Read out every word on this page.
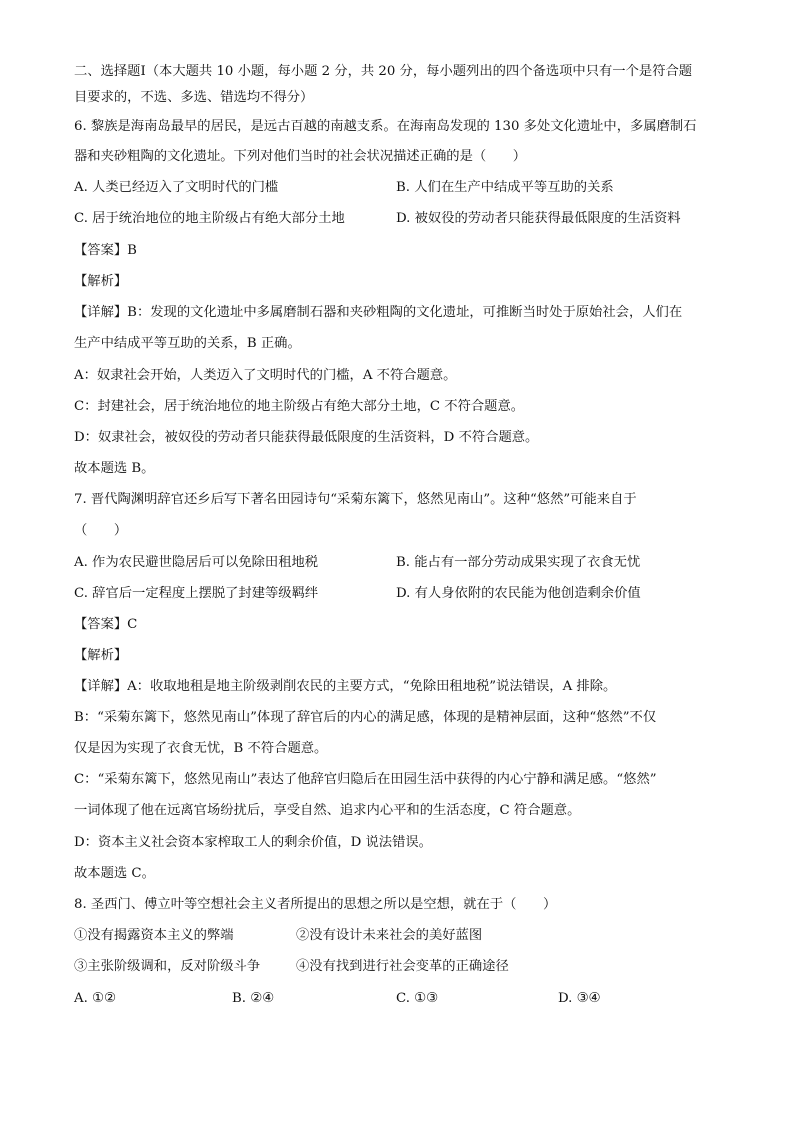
二、选择题Ⅰ（本大题共 10 小题，每小题 2 分，共 20 分，每小题列出的四个备选项中只有一个是符合题
目要求的，不选、多选、错选均不得分）
6. 黎族是海南岛最早的居民，是远古百越的南越支系。在海南岛发现的 130 多处文化遗址中，多属磨制石
器和夹砂粗陶的文化遗址。下列对他们当时的社会状况描述正确的是（　　）
A. 人类已经迈入了文明时代的门槛	B. 人们在生产中结成平等互助的关系
C. 居于统治地位的地主阶级占有绝大部分土地	D. 被奴役的劳动者只能获得最低限度的生活资料
【答案】B
【解析】
【详解】B：发现的文化遗址中多属磨制石器和夹砂粗陶的文化遗址，可推断当时处于原始社会，人们在
生产中结成平等互助的关系，B 正确。
A：奴隶社会开始，人类迈入了文明时代的门槛，A 不符合题意。
C：封建社会，居于统治地位的地主阶级占有绝大部分土地，C 不符合题意。
D：奴隶社会，被奴役的劳动者只能获得最低限度的生活资料，D 不符合题意。
故本题选 B。
7. 晋代陶渊明辞官还乡后写下著名田园诗句“采菊东篱下，悠然见南山”。这种“悠然”可能来自于
（　　）
A. 作为农民避世隐居后可以免除田租地税	B. 能占有一部分劳动成果实现了衣食无忧
C. 辞官后一定程度上摆脱了封建等级羁绊	D. 有人身依附的农民能为他创造剩余价值
【答案】C
【解析】
【详解】A：收取地租是地主阶级剥削农民的主要方式，“免除田租地税”说法错误，A 排除。
B：“采菊东篱下，悠然见南山”体现了辞官后的内心的满足感，体现的是精神层面，这种“悠然”不仅
仅是因为实现了衣食无忧，B 不符合题意。
C：“采菊东篱下，悠然见南山”表达了他辞官归隐后在田园生活中获得的内心宁静和满足感。“悠然”
一词体现了他在远离官场纷扰后，享受自然、追求内心平和的生活态度，C 符合题意。
D：资本主义社会资本家榨取工人的剩余价值，D 说法错误。
故本题选 C。
8. 圣西门、傅立叶等空想社会主义者所提出的思想之所以是空想，就在于（　　）
①没有揭露资本主义的弊端	②没有设计未来社会的美好蓝图
③主张阶级调和，反对阶级斗争	④没有找到进行社会变革的正确途径
A. ①②	B. ②④	C. ①③	D. ③④
